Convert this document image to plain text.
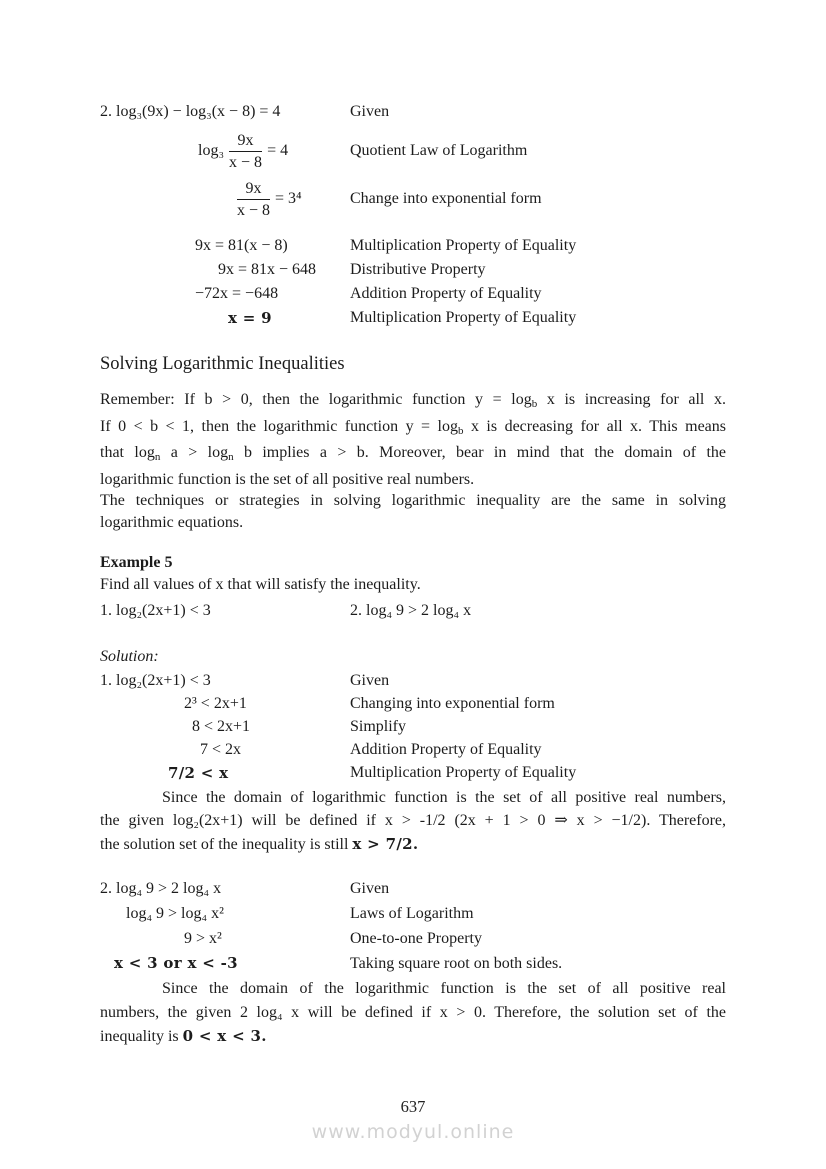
2. log₃(9x) − log₃(x − 8) = 4	Given
$\log_3 \frac{9x}{x - 8} = 4$	Quotient Law of Logarithm
$\frac{9x}{x - 8} = 3^4$	Change into exponential form
9x = 81(x − 8)	Multiplication Property of Equality
9x = 81x − 648	Distributive Property
−72x = −648	Addition Property of Equality
x = 9	Multiplication Property of Equality
Solving Logarithmic Inequalities
Remember: If b > 0, then the logarithmic function y = logb x is increasing for all x.
If 0 < b < 1, then the logarithmic function y = logb x is decreasing for all x. This means
that logn a > logn b implies a > b. Moreover, bear in mind that the domain of the
logarithmic function is the set of all positive real numbers.
The techniques or strategies in solving logarithmic inequality are the same in solving
logarithmic equations.
Example 5
Find all values of x that will satisfy the inequality.
1. log₂(2x+1) < 3	2. log₄ 9 > 2 log₄ x
Solution:
1. log₂(2x+1) < 3	Given
2³ < 2x+1	Changing into exponential form
8 < 2x+1	Simplify
7 < 2x	Addition Property of Equality
7/2 < x	Multiplication Property of Equality
Since the domain of logarithmic function is the set of all positive real numbers,
the given log₂(2x+1) will be defined if x > -1/2 (2x + 1 > 0 ⇒ x > −1/2). Therefore,
the solution set of the inequality is still x > 7/2.
2. log₄ 9 > 2 log₄ x	Given
log₄ 9 > log₄ x²	Laws of Logarithm
9 > x²	One-to-one Property
x < 3 or x < -3	Taking square root on both sides.
Since the domain of the logarithmic function is the set of all positive real
numbers, the given 2 log₄ x will be defined if x > 0. Therefore, the solution set of the
inequality is 0 < x < 3.
637
www.modyul.online
